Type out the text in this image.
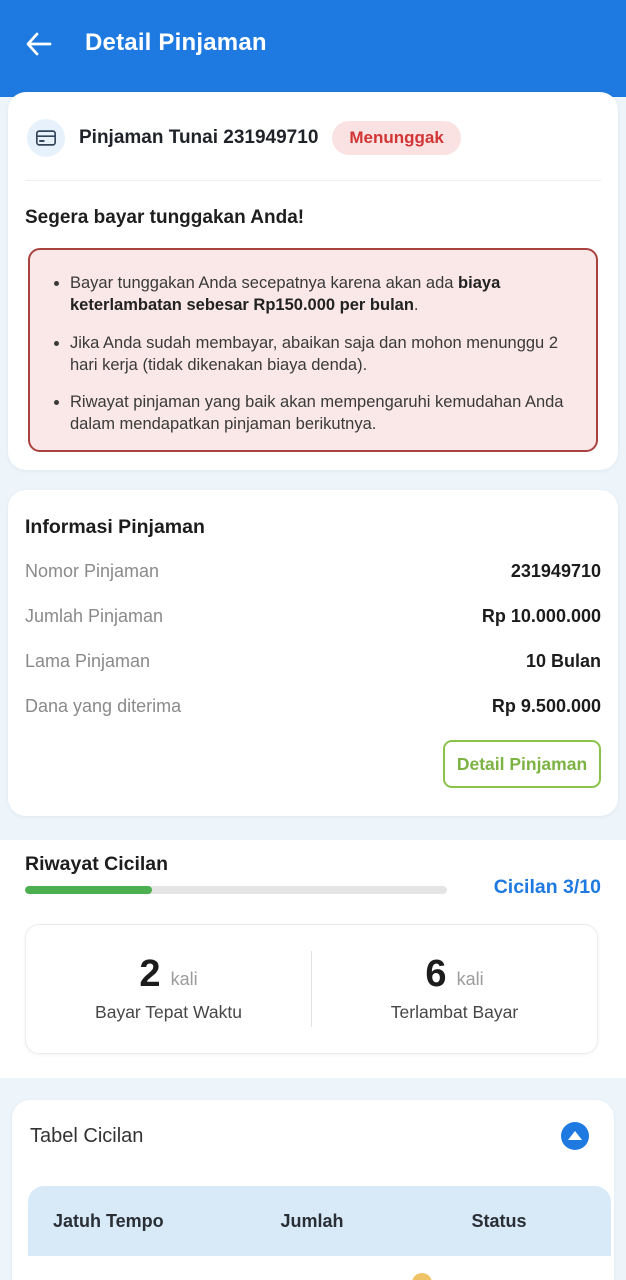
Detail Pinjaman
Pinjaman Tunai 231949710	Menunggak
Segera bayar tunggakan Anda!
• Bayar tunggakan Anda secepatnya karena akan ada biaya keterlambatan sebesar Rp150.000 per bulan.
• Jika Anda sudah membayar, abaikan saja dan mohon menunggu 2 hari kerja (tidak dikenakan biaya denda).
• Riwayat pinjaman yang baik akan mempengaruhi kemudahan Anda dalam mendapatkan pinjaman berikutnya.
Informasi Pinjaman
Nomor Pinjaman	231949710
Jumlah Pinjaman	Rp 10.000.000
Lama Pinjaman	10 Bulan
Dana yang diterima	Rp 9.500.000
Detail Pinjaman
Riwayat Cicilan
Cicilan 3/10
2 kali
Bayar Tepat Waktu
6 kali
Terlambat Bayar
Tabel Cicilan
Jatuh Tempo	Jumlah	Status
